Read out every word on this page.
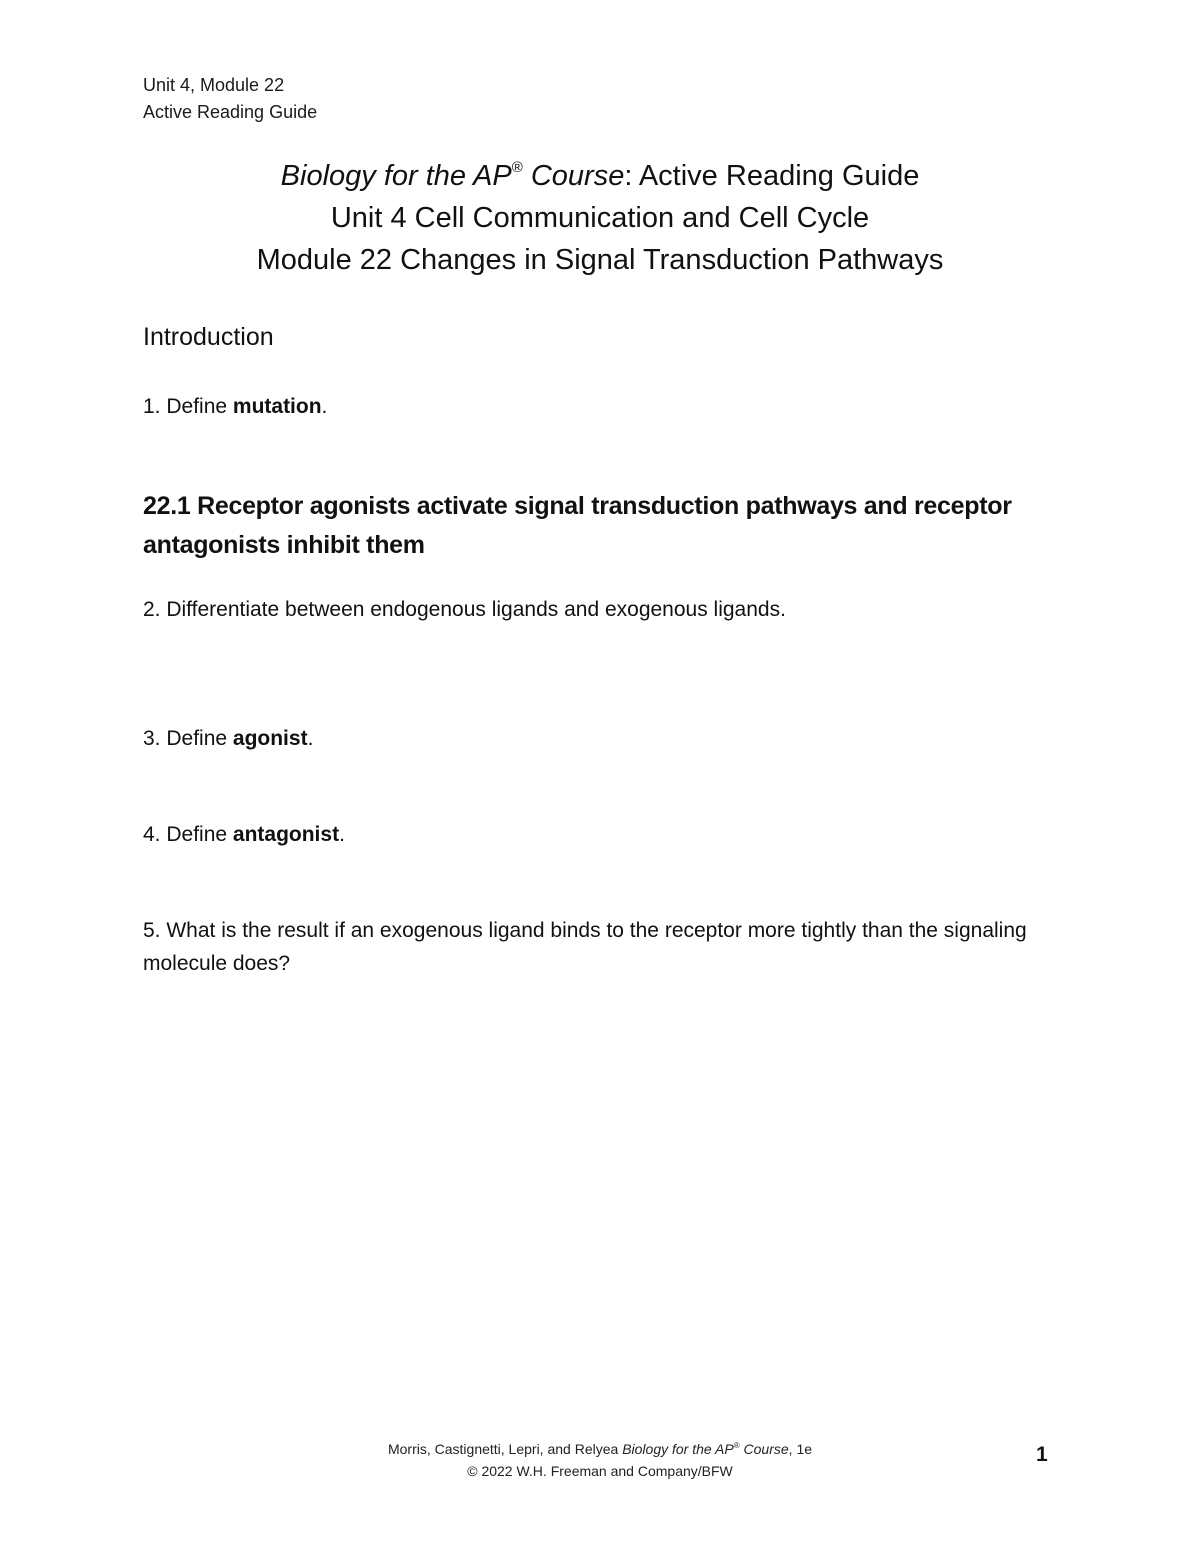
Unit 4, Module 22
Active Reading Guide
Biology for the AP® Course: Active Reading Guide
Unit 4 Cell Communication and Cell Cycle
Module 22 Changes in Signal Transduction Pathways
Introduction
1. Define mutation.
22.1 Receptor agonists activate signal transduction pathways and receptor antagonists inhibit them
2. Differentiate between endogenous ligands and exogenous ligands.
3. Define agonist.
4. Define antagonist.
5. What is the result if an exogenous ligand binds to the receptor more tightly than the signaling molecule does?
Morris, Castignetti, Lepri, and Relyea Biology for the AP® Course, 1e
© 2022 W.H. Freeman and Company/BFW
1
